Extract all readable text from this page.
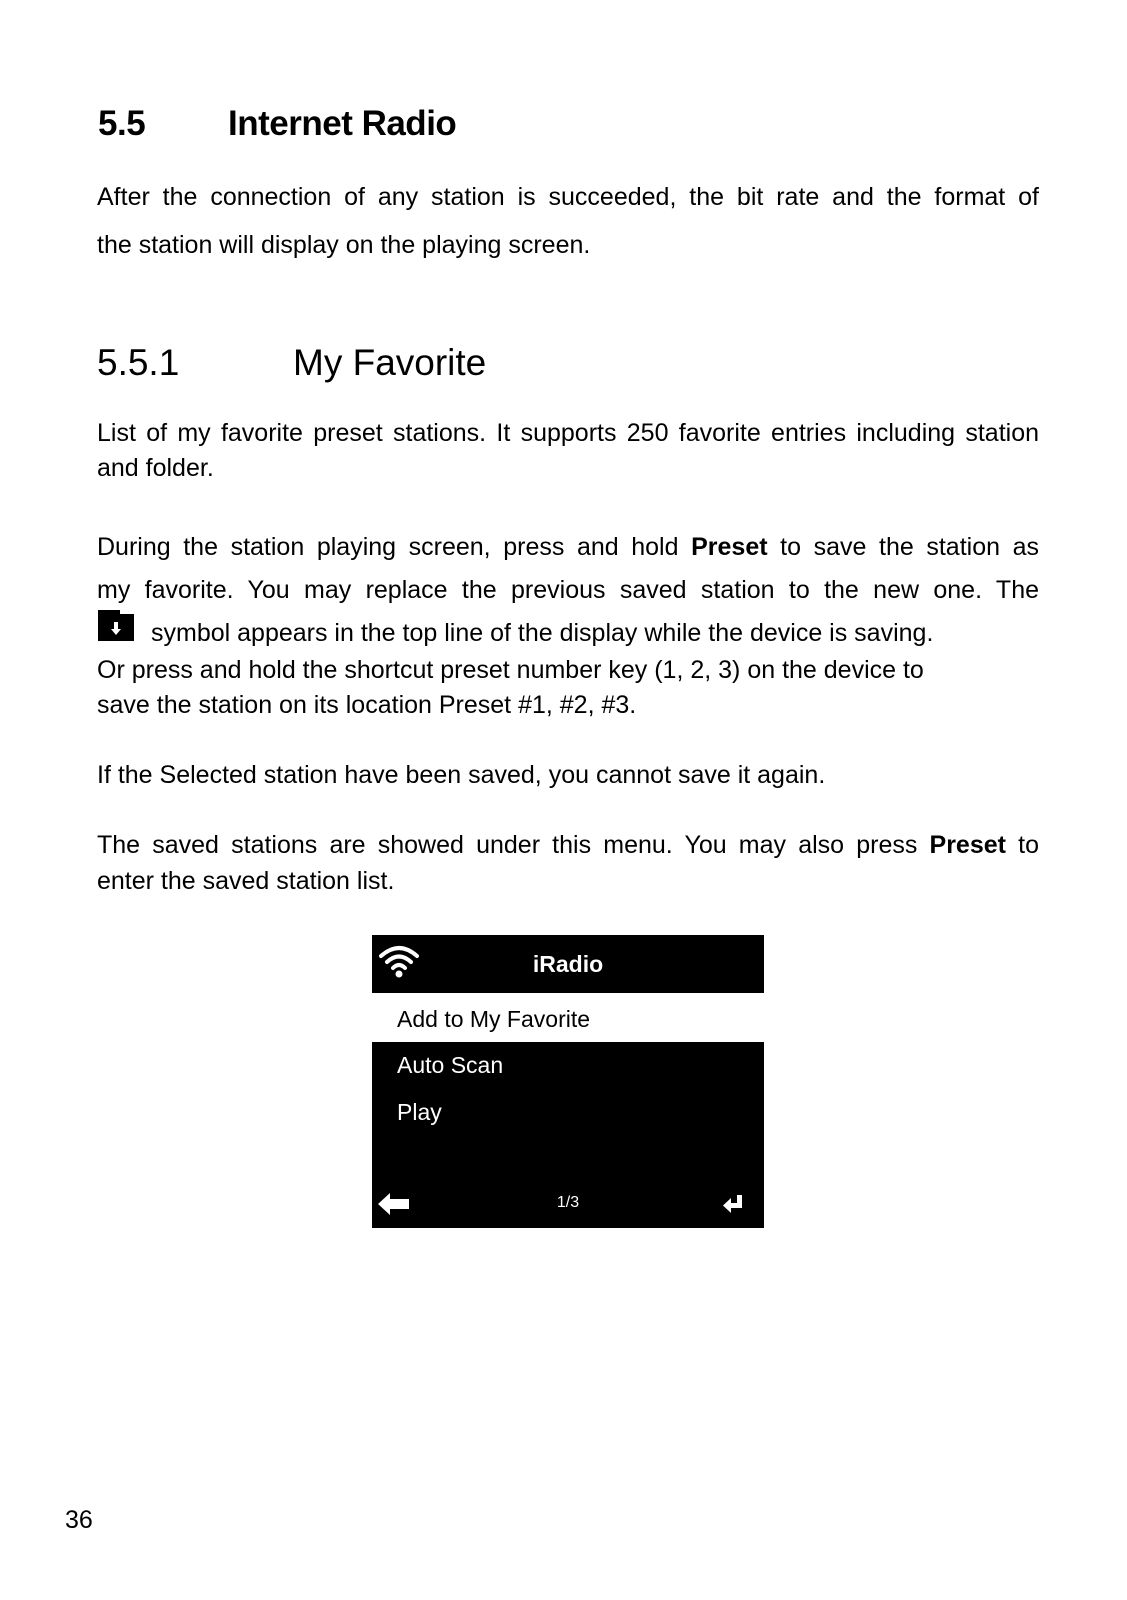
5.5 Internet Radio
After the connection of any station is succeeded, the bit rate and the format of
the station will display on the playing screen.
5.5.1	My Favorite
List of my favorite preset stations. It supports 250 favorite entries including station and folder.
During the station playing screen, press and hold Preset to save the station as
my favorite. You may replace the previous saved station to the new one. The
symbol appears in the top line of the display while the device is saving.
Or press and hold the shortcut preset number key (1, 2, 3) on the device to
save the station on its location Preset #1, #2, #3.
If the Selected station have been saved, you cannot save it again.
The saved stations are showed under this menu. You may also press Preset to
enter the saved station list.
iRadio
Add to My Favorite
Auto Scan
Play
1/3
36
